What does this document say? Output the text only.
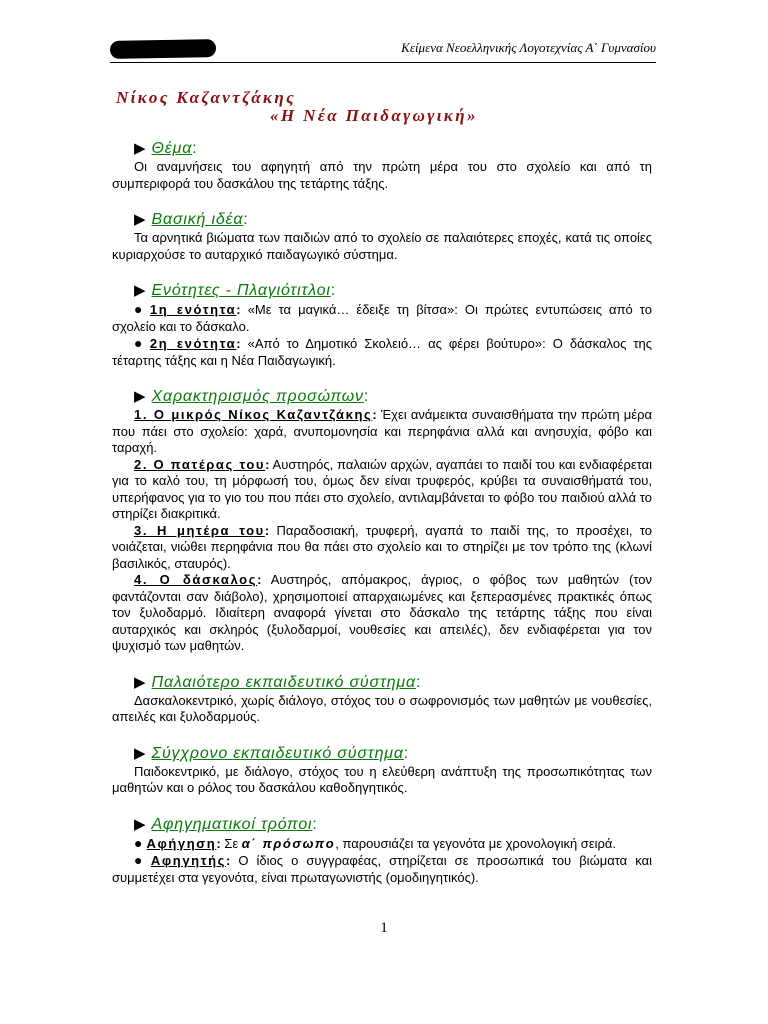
Κείμενα Νεοελληνικής Λογοτεχνίας Α΄ Γυμνασίου
Νίκος Καζαντζάκης
«Η Νέα Παιδαγωγική»
▶ Θέμα:

Οι αναμνήσεις του αφηγητή από την πρώτη μέρα του στο σχολείο και από τη συμπεριφορά του δασκάλου της τετάρτης τάξης.

▶ Βασική ιδέα:

Τα αρνητικά βιώματα των παιδιών από το σχολείο σε παλαιότερες εποχές, κατά τις οποίες κυριαρχούσε το αυταρχικό παιδαγωγικό σύστημα.

▶ Ενότητες - Πλαγιότιτλοι:

● 1η ενότητα: «Με τα μαγικά… έδειξε τη βίτσα»: Οι πρώτες εντυπώσεις από το σχολείο και το δάσκαλο.

● 2η ενότητα: «Από το Δημοτικό Σκολειό… ας φέρει βούτυρο»: Ο δάσκαλος της τέταρτης τάξης και η Νέα Παιδαγωγική.

▶ Χαρακτηρισμός προσώπων:

1. Ο μικρός Νίκος Καζαντζάκης: Έχει ανάμεικτα συναισθήματα την πρώτη μέρα που πάει στο σχολείο: χαρά, ανυπομονησία και περηφάνια αλλά και ανησυχία, φόβο και ταραχή.

2. Ο πατέρας του: Αυστηρός, παλαιών αρχών, αγαπάει το παιδί του και ενδιαφέρεται για το καλό του, τη μόρφωσή του, όμως δεν είναι τρυφερός, κρύβει τα συναισθήματά του, υπερήφανος για το γιο του που πάει στο σχολείο, αντιλαμβάνεται το φόβο του παιδιού αλλά το στηρίζει διακριτικά.

3. Η μητέρα του: Παραδοσιακή, τρυφερή, αγαπά το παιδί της, το προσέχει, το νοιάζεται, νιώθει περηφάνια που θα πάει στο σχολείο και το στηρίζει με τον τρόπο της (κλωνί βασιλικός, σταυρός).

4. Ο δάσκαλος: Αυστηρός, απόμακρος, άγριος, ο φόβος των μαθητών (τον φαντάζονται σαν διάβολο), χρησιμοποιεί απαρχαιωμένες και ξεπερασμένες πρακτικές όπως τον ξυλοδαρμό. Ιδιαίτερη αναφορά γίνεται στο δάσκαλο της τετάρτης τάξης που είναι αυταρχικός και σκληρός (ξυλοδαρμοί, νουθεσίες και απειλές), δεν ενδιαφέρεται για τον ψυχισμό των μαθητών.

▶ Παλαιότερο εκπαιδευτικό σύστημα:

Δασκαλοκεντρικό, χωρίς διάλογο, στόχος του ο σωφρονισμός των μαθητών με νουθεσίες, απειλές και ξυλοδαρμούς.

▶ Σύγχρονο εκπαιδευτικό σύστημα:

Παιδοκεντρικό, με διάλογο, στόχος του η ελεύθερη ανάπτυξη της προσωπικότητας των μαθητών και ο ρόλος του δασκάλου καθοδηγητικός.

▶ Αφηγηματικοί τρόποι:

● Αφήγηση: Σε α΄ πρόσωπο, παρουσιάζει τα γεγονότα με χρονολογική σειρά.

● Αφηγητής: Ο ίδιος ο συγγραφέας, στηρίζεται σε προσωπικά του βιώματα και συμμετέχει στα γεγονότα, είναι πρωταγωνιστής (ομοδιηγητικός).

1
